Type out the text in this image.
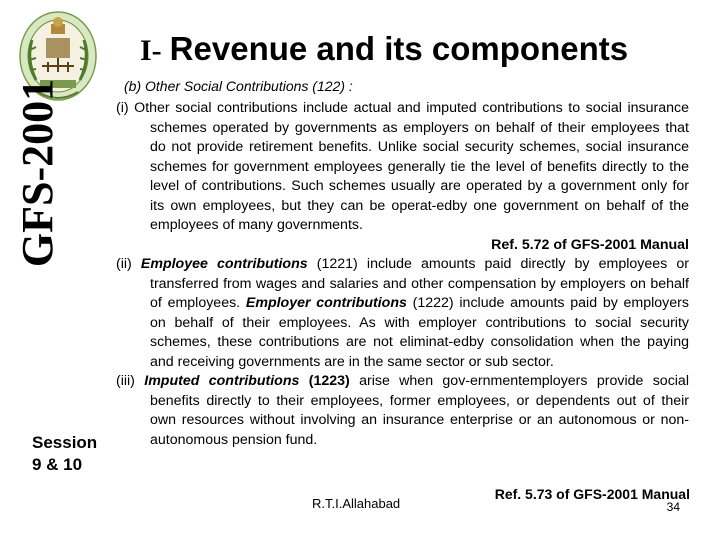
GFS-2001
Session
9 & 10
I- Revenue and its components
(b) Other Social Contributions (122) :

(i) Other social contributions include actual and imputed contributions to social insurance schemes operated by governments as employers on behalf of their employees that do not provide retirement benefits. Unlike social security schemes, social insurance schemes for government employees generally tie the level of benefits directly to the level of contributions. Such schemes usually are operated by a government only for its own employees, but they can be operat-edby one government on behalf of the employees of many governments.

Ref. 5.72 of GFS-2001 Manual

(ii) Employee contributions (1221) include amounts paid directly by employees or transferred from wages and salaries and other compensation by employers on behalf of employees. Employer contributions (1222) include amounts paid by employers on behalf of their employees. As with employer contributions to social security schemes, these contributions are not eliminat-edby consolidation when the paying and receiving governments are in the same sector or sub sector.

(iii) Imputed contributions (1223) arise when gov-ernmentemployers provide social benefits directly to their employees, former employees, or dependents out of their own resources without involving an insurance enterprise or an autonomous or non-autonomous pension fund.

R.T.I.Allahabad
Ref. 5.73 of GFS-2001 Manual
34
